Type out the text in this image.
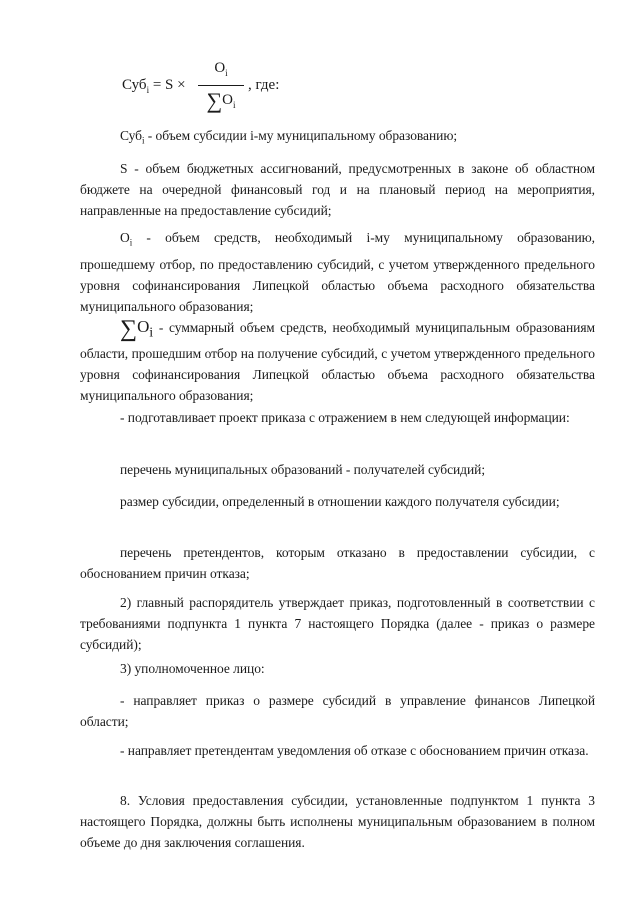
Суб$_i$ = S ×
$O_i$
$\sum O_i$
, где:

Суб$_i$ - объем субсидии i-му муниципальному образованию;

S - объем бюджетных ассигнований, предусмотренных в законе об областном бюджете на очередной финансовый год и на плановый период на мероприятия, направленные на предоставление субсидий;

$O_i$ - объем средств, необходимый i-му муниципальному образованию, прошедшему отбор, по предоставлению субсидий, с учетом утвержденного предельного уровня софинансирования Липецкой областью объема расходного обязательства муниципального образования;

$\sum O_i$ - суммарный объем средств, необходимый муниципальным образованиям области, прошедшим отбор на получение субсидий, с учетом утвержденного предельного уровня софинансирования Липецкой областью объема расходного обязательства муниципального образования;

- подготавливает проект приказа с отражением в нем следующей информации:

перечень муниципальных образований - получателей субсидий;

размер субсидии, определенный в отношении каждого получателя субсидии;

перечень претендентов, которым отказано в предоставлении субсидии, с обоснованием причин отказа;

2) главный распорядитель утверждает приказ, подготовленный в соответствии с требованиями подпункта 1 пункта 7 настоящего Порядка (далее - приказ о размере субсидий);

3) уполномоченное лицо:

- направляет приказ о размере субсидий в управление финансов Липецкой области;

- направляет претендентам уведомления об отказе с обоснованием причин отказа.

8. Условия предоставления субсидии, установленные подпунктом 1 пункта 3 настоящего Порядка, должны быть исполнены муниципальным образованием в полном объеме до дня заключения соглашения.
